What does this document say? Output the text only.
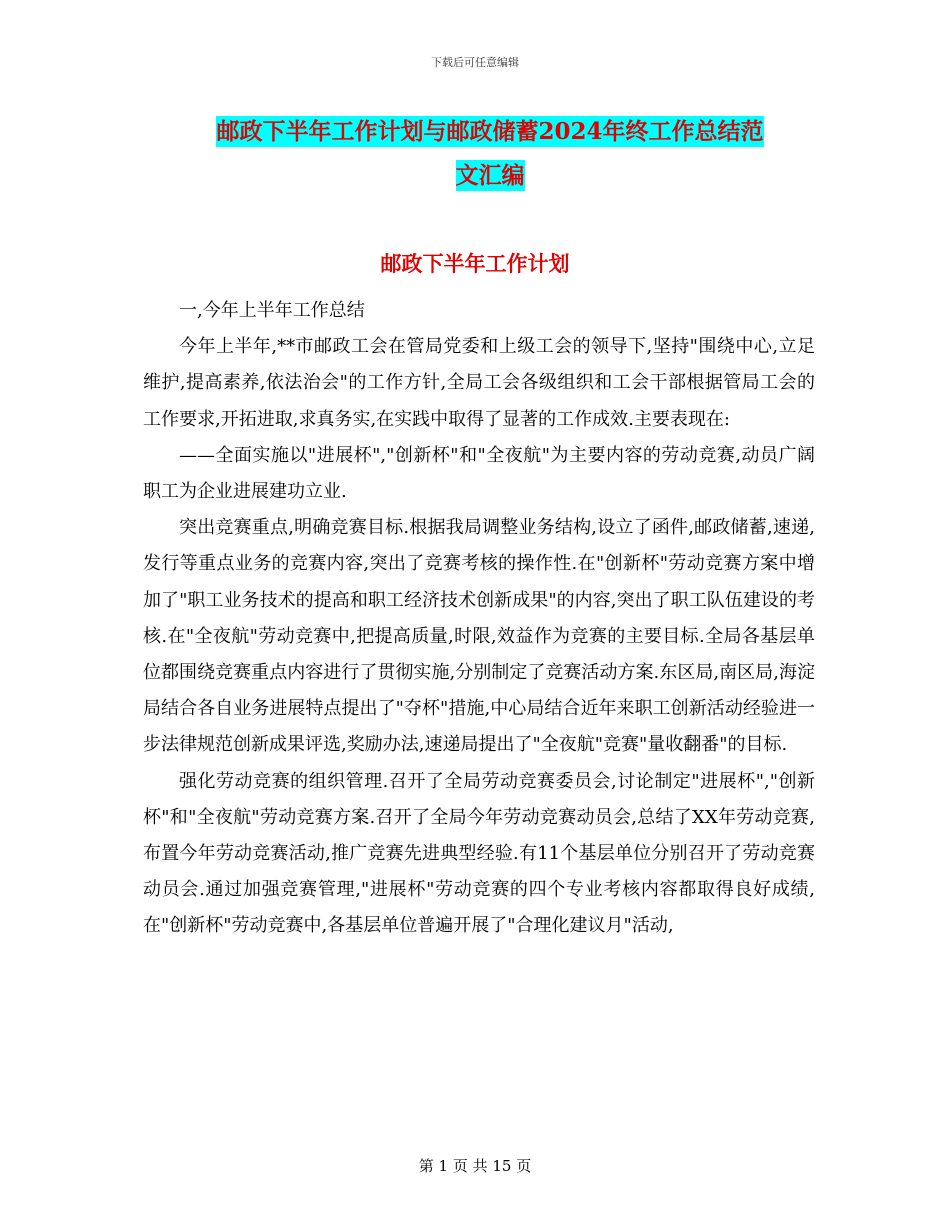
下载后可任意编辑
邮政下半年工作计划与邮政储蓄2024年终工作总结范
文汇编
邮政下半年工作计划

一,今年上半年工作总结

今年上半年,**市邮政工会在管局党委和上级工会的领导下,坚持"围绕中心,立足维护,提高素养,依法治会"的工作方针,全局工会各级组织和工会干部根据管局工会的工作要求,开拓进取,求真务实,在实践中取得了显著的工作成效.主要表现在:

——全面实施以"进展杯","创新杯"和"全夜航"为主要内容的劳动竞赛,动员广阔职工为企业进展建功立业.

突出竞赛重点,明确竞赛目标.根据我局调整业务结构,设立了函件,邮政储蓄,速递,发行等重点业务的竞赛内容,突出了竞赛考核的操作性.在"创新杯"劳动竞赛方案中增加了"职工业务技术的提高和职工经济技术创新成果"的内容,突出了职工队伍建设的考核.在"全夜航"劳动竞赛中,把提高质量,时限,效益作为竞赛的主要目标.全局各基层单位都围绕竞赛重点内容进行了贯彻实施,分别制定了竞赛活动方案.东区局,南区局,海淀局结合各自业务进展特点提出了"夺杯"措施,中心局结合近年来职工创新活动经验进一步法律规范创新成果评选,奖励办法,速递局提出了"全夜航"竞赛"量收翻番"的目标.

强化劳动竞赛的组织管理.召开了全局劳动竞赛委员会,讨论制定"进展杯","创新杯"和"全夜航"劳动竞赛方案.召开了全局今年劳动竞赛动员会,总结了XX年劳动竞赛,布置今年劳动竞赛活动,推广竞赛先进典型经验.有11个基层单位分别召开了劳动竞赛动员会.通过加强竞赛管理,"进展杯"劳动竞赛的四个专业考核内容都取得良好成绩,在"创新杯"劳动竞赛中,各基层单位普遍开展了"合理化建议月"活动,

第 1 页 共 15 页
